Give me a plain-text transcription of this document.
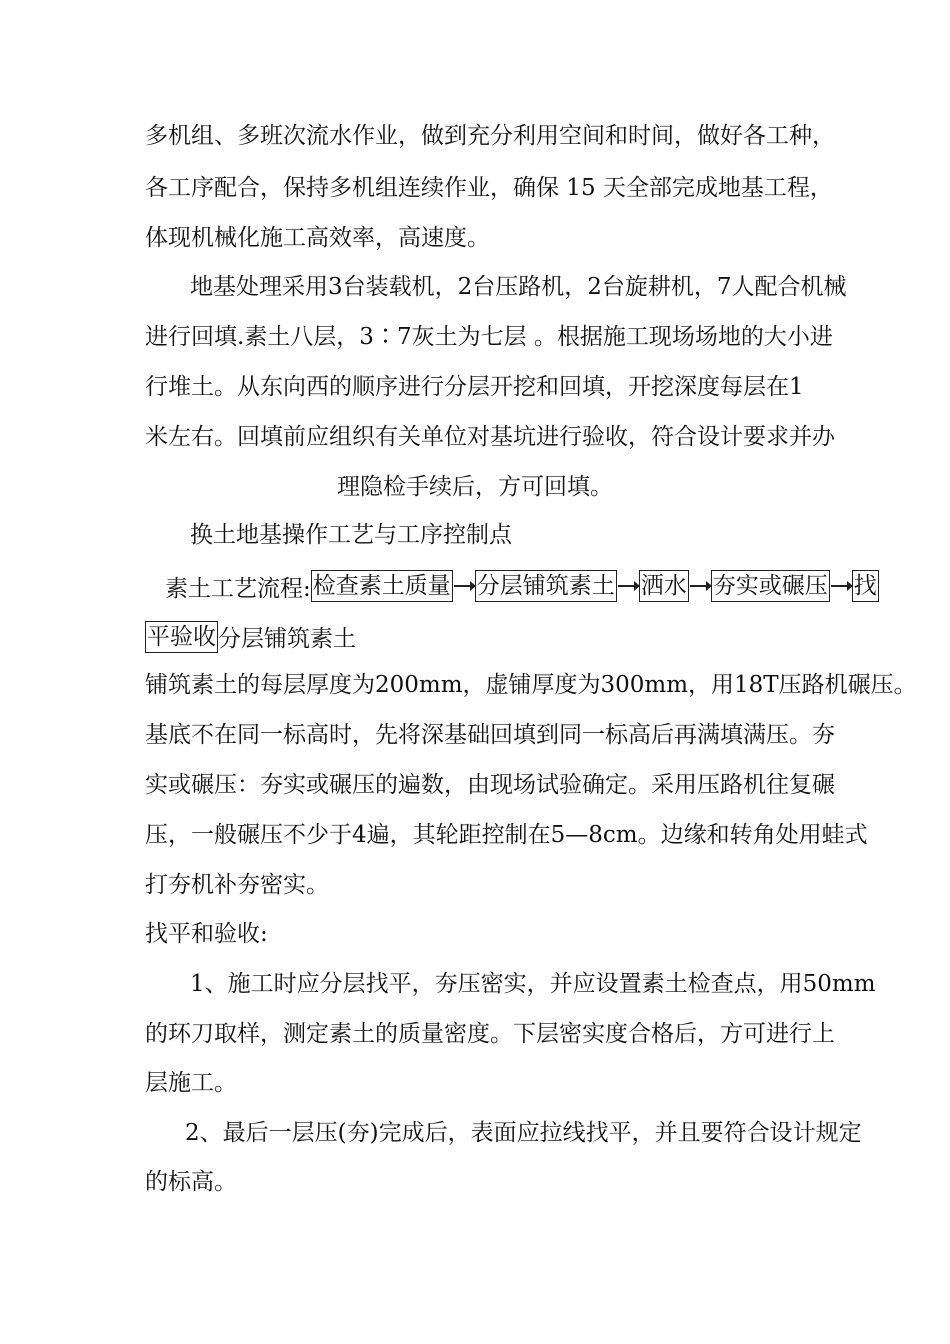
多机组、多班次流水作业，做到充分利用空间和时间，做好各工种，
各工序配合，保持多机组连续作业，确保 15 天全部完成地基工程，
体现机械化施工高效率，高速度。
地基处理采用3台装载机，2台压路机，2台旋耕机，7人配合机械
进行回填.素土八层，3∶7灰土为七层 。根据施工现场场地的大小进
行堆土。从东向西的顺序进行分层开挖和回填，开挖深度每层在1
米左右。回填前应组织有关单位对基坑进行验收，符合设计要求并办
理隐检手续后，方可回填。
换土地基操作工艺与工序控制点
素土工艺流程: 检查素土质量 分层铺筑素土 洒水 夯实或碾压 找
平验收 分层铺筑素土
铺筑素土的每层厚度为200mm，虚铺厚度为300mm，用18T压路机碾压。
基底不在同一标高时，先将深基础回填到同一标高后再满填满压。夯
实或碾压：夯实或碾压的遍数，由现场试验确定。采用压路机往复碾
压，一般碾压不少于4遍，其轮距控制在5—8cm。边缘和转角处用蛙式
打夯机补夯密实。
找平和验收:
1、施工时应分层找平，夯压密实，并应设置素土检查点，用50mm
的环刀取样，测定素土的质量密度。下层密实度合格后，方可进行上
层施工。
2、最后一层压(夯)完成后，表面应拉线找平，并且要符合设计规定
的标高。
